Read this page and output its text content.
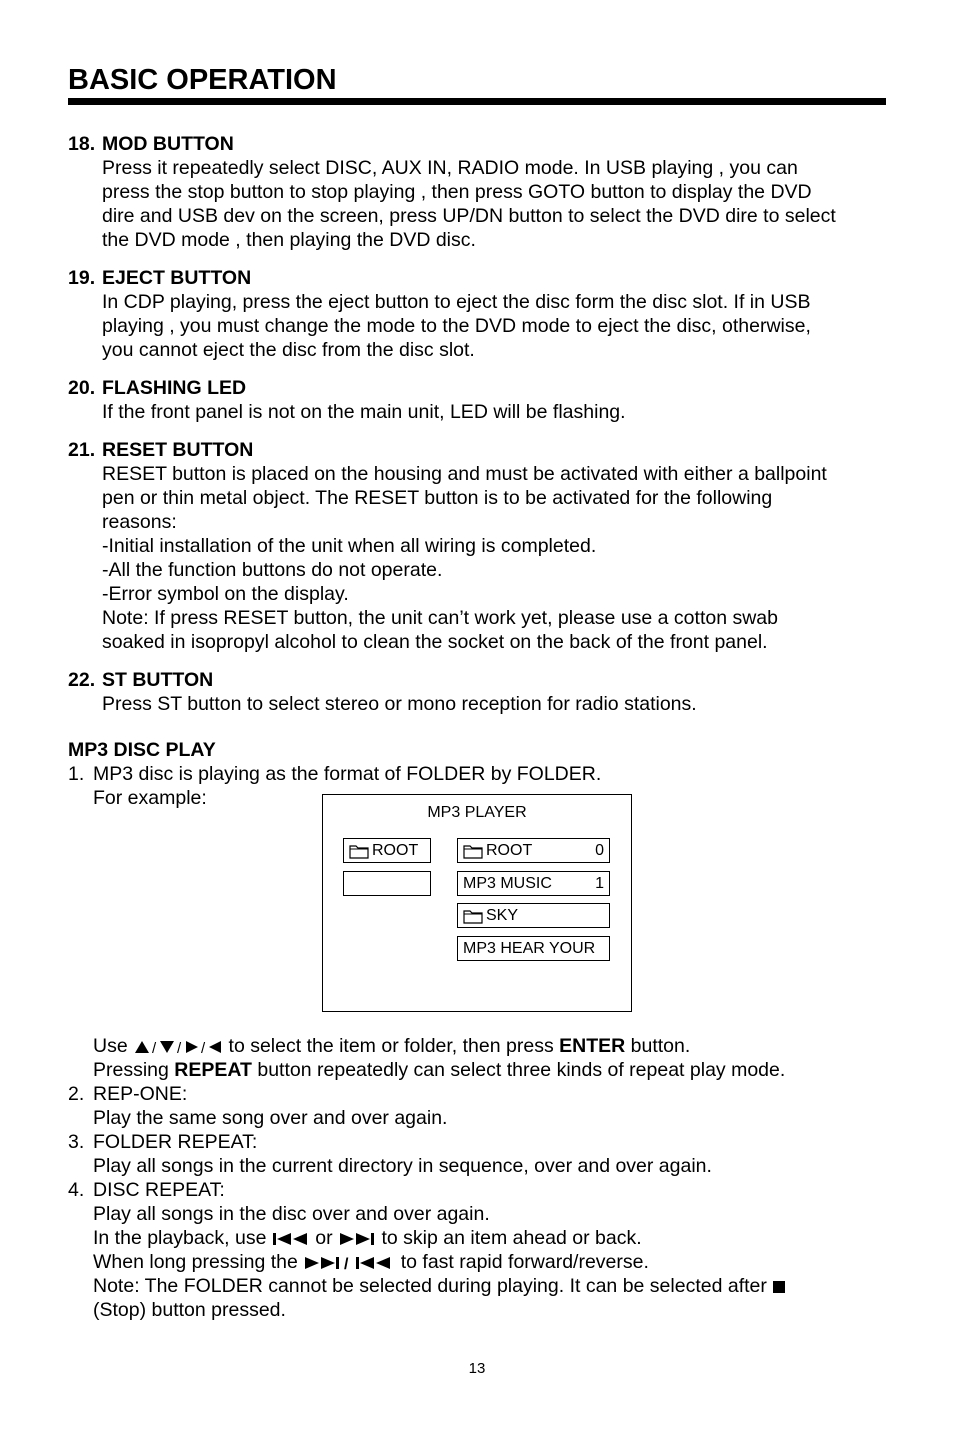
BASIC OPERATION
18. MOD BUTTON
Press it repeatedly select DISC, AUX IN, RADIO mode. In USB playing , you can
press the stop button to stop playing , then press GOTO button to display the DVD
dire and USB dev on the screen, press UP/DN button to select the DVD dire to select
the DVD mode , then playing the DVD disc.
19. EJECT BUTTON
In CDP playing, press the eject button to eject the disc form the disc slot. If in USB
playing , you must change the mode to the DVD mode to eject the disc, otherwise,
you cannot eject the disc from the disc slot.
20. FLASHING LED
If the front panel is not on the main unit, LED will be flashing.
21. RESET BUTTON
RESET button is placed on the housing and must be activated with either a ballpoint
pen or thin metal object. The RESET button is to be activated for the following
reasons:
-Initial installation of the unit when all wiring is completed.
-All the function buttons do not operate.
-Error symbol on the display.
Note: If press RESET button, the unit can’t work yet, please use a cotton swab
soaked in isopropyl alcohol to clean the socket on the back of the front panel.
22. ST BUTTON
Press ST button to select stereo or mono reception for radio stations.
MP3 DISC PLAY
1. MP3 disc is playing as the format of FOLDER by FOLDER.
For example:
MP3 PLAYER
ROOT	ROOT	0
MP3 MUSIC	1
SKY
MP3 HEAR YOUR
Use / / / to select the item or folder, then press ENTER button.
Pressing REPEAT button repeatedly can select three kinds of repeat play mode.
2. REP-ONE:
Play the same song over and over again.
3. FOLDER REPEAT:
Play all songs in the current directory in sequence, over and over again.
4. DISC REPEAT:
Play all songs in the disc over and over again.
In the playback, use  or  to skip an item ahead or back.
When long pressing the	/ to fast rapid forward/reverse.
Note: The FOLDER cannot be selected during playing. It can be selected after
(Stop) button pressed.
13
